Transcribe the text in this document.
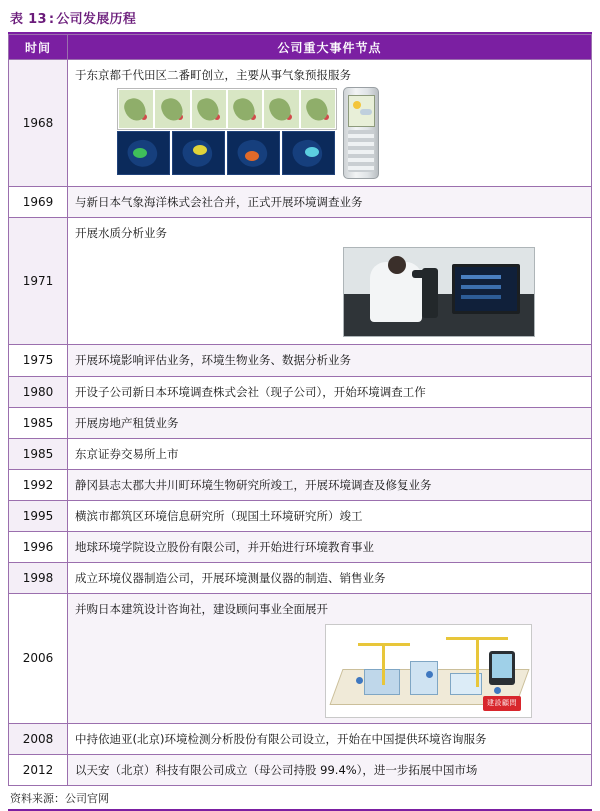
表 13 : 公司发展历程
时间	公司重大事件节点
1968	于东京都千代田区二番町创立，主要从事气象预报服务

1969	与新日本气象海洋株式会社合并，正式开展环境调查业务
1971	开展水质分析业务

1975	开展环境影响评估业务，环境生物业务、数据分析业务
1980	开设子公司新日本环境调查株式会社（现子公司），开始环境调查工作
1985	开展房地产租赁业务
1985	东京证券交易所上市
1992	静冈县志太郡大井川町环境生物研究所竣工，开展环境调查及修复业务
1995	横滨市都筑区环境信息研究所（现国土环境研究所）竣工
1996	地球环境学院设立股份有限公司，并开始进行环境教育事业
1998	成立环境仪器制造公司，开展环境测量仪器的制造、销售业务
2006	并购日本建筑设计咨询社，建设顾问事业全面展开
建設顧問

2008	中持依迪亚(北京)环境检测分析股份有限公司设立，开始在中国提供环境咨询服务
2012	以天安（北京）科技有限公司成立（母公司持股 99.4%），进一步拓展中国市场
资料来源：公司官网
